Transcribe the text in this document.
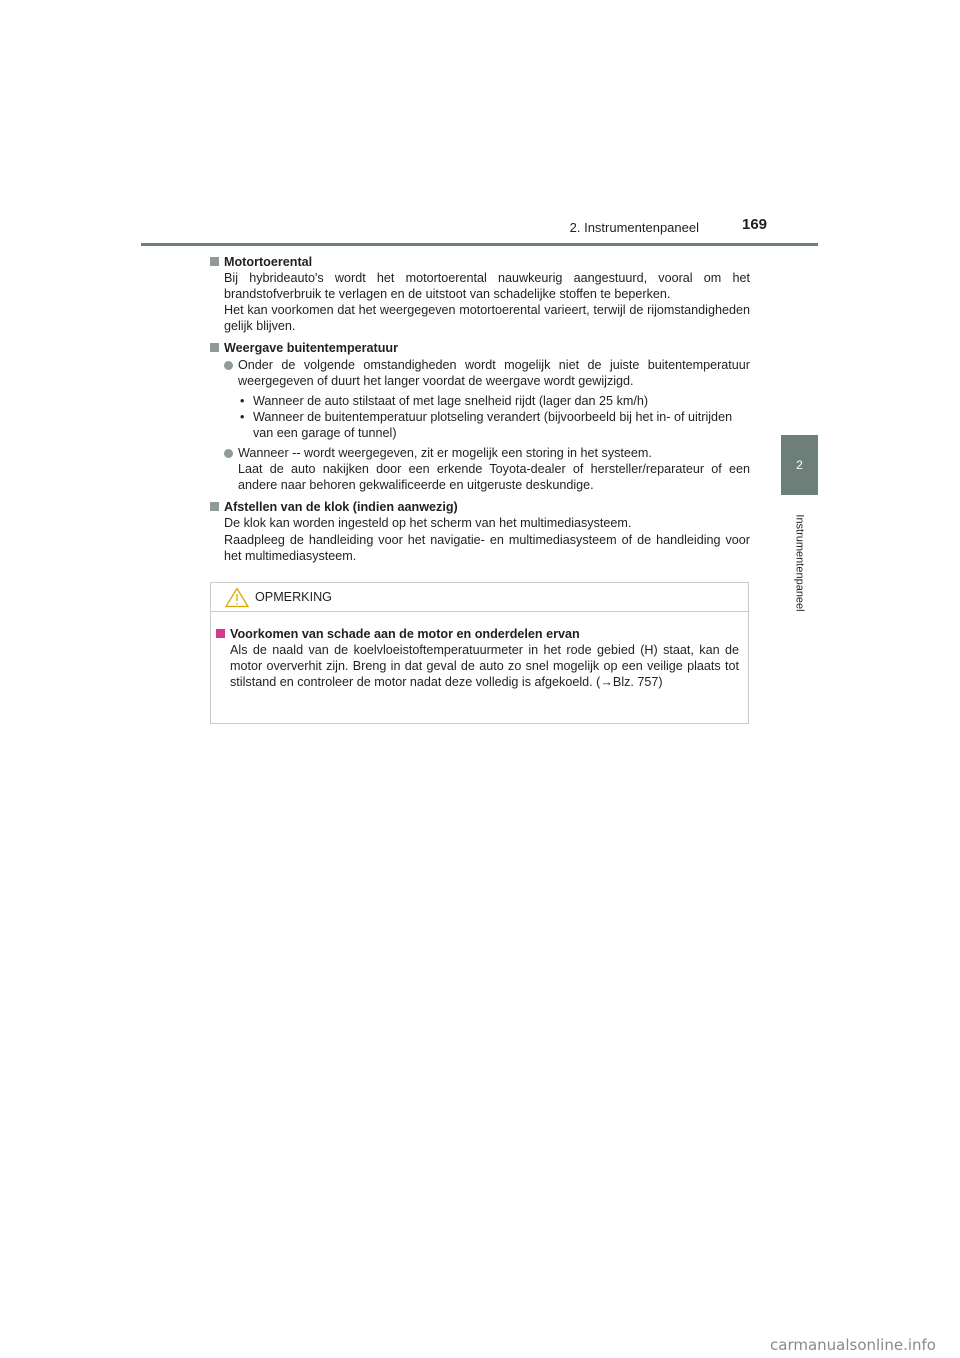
2. Instrumentenpaneel	169
2
Instrumentenpaneel
Motortoerental

Bij hybrideauto's wordt het motortoerental nauwkeurig aangestuurd, vooral om het brandstofverbruik te verlagen en de uitstoot van schadelijke stoffen te beperken.

Het kan voorkomen dat het weergegeven motortoerental varieert, terwijl de rijomstandigheden gelijk blijven.

Weergave buitentemperatuur

Onder de volgende omstandigheden wordt mogelijk niet de juiste buitentemperatuur weergegeven of duurt het langer voordat de weergave wordt gewijzigd.

• Wanneer de auto stilstaat of met lage snelheid rijdt (lager dan 25 km/h)
• Wanneer de buitentemperatuur plotseling verandert (bijvoorbeeld bij het in- of uitrijden van een garage of tunnel)

Wanneer -- wordt weergegeven, zit er mogelijk een storing in het systeem.

Laat de auto nakijken door een erkende Toyota-dealer of hersteller/reparateur of een andere naar behoren gekwalificeerde en uitgeruste deskundige.

Afstellen van de klok (indien aanwezig)

De klok kan worden ingesteld op het scherm van het multimediasysteem.

Raadpleeg de handleiding voor het navigatie- en multimediasysteem of de handleiding voor het multimediasysteem.

OPMERKING
Voorkomen van schade aan de motor en onderdelen ervan

Als de naald van de koelvloeistoftemperatuurmeter in het rode gebied (H) staat, kan de motor oververhit zijn. Breng in dat geval de auto zo snel mogelijk op een veilige plaats tot stilstand en controleer de motor nadat deze volledig is afgekoeld. (→Blz. 757)

carmanualsonline.info
